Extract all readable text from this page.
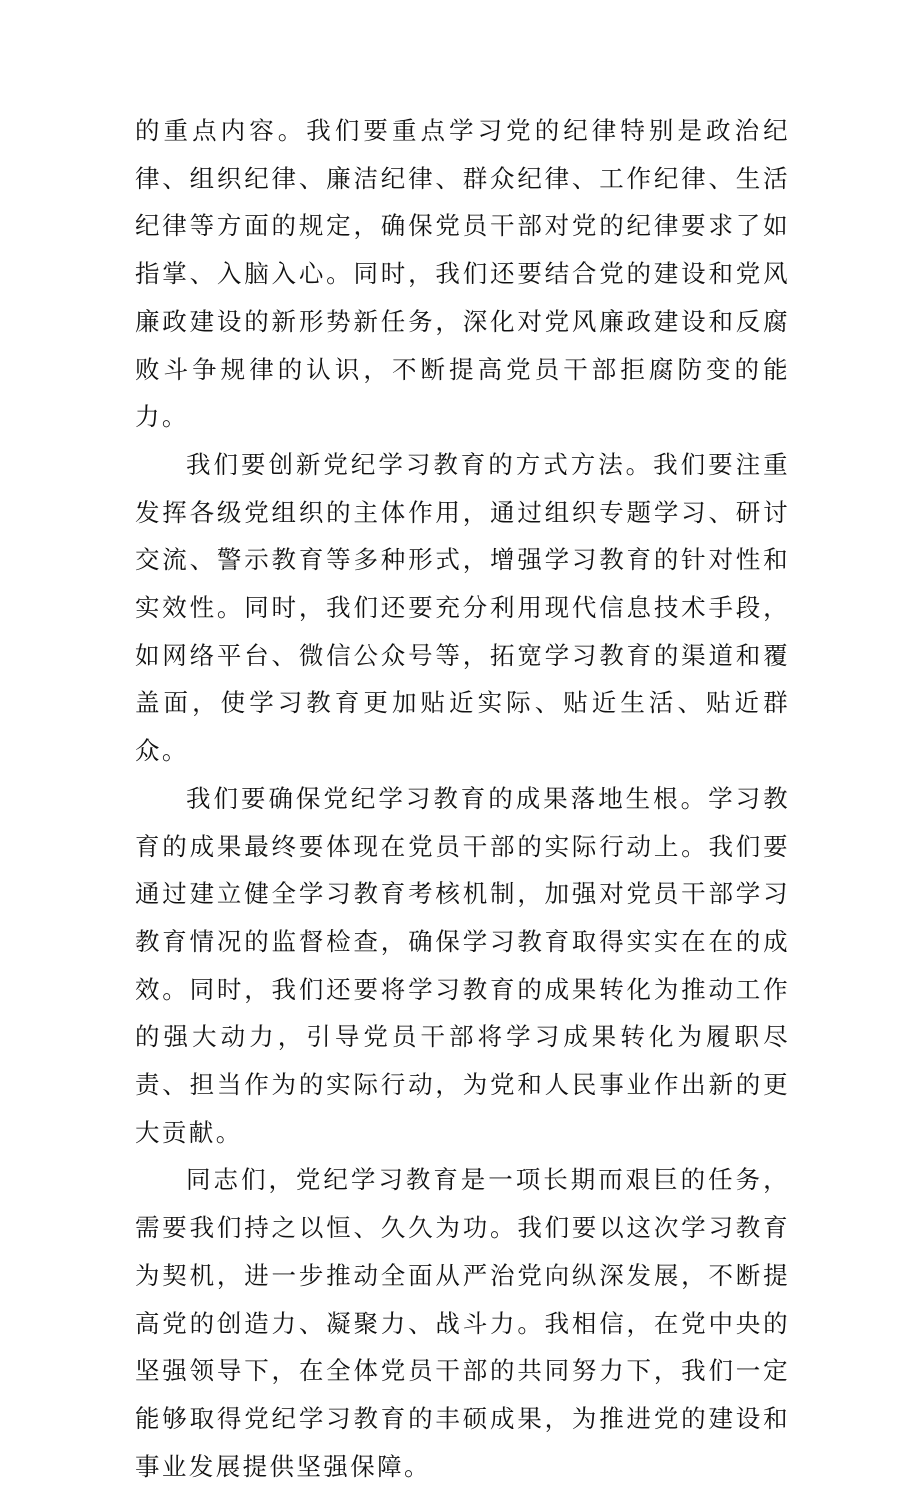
的重点内容。我们要重点学习党的纪律特别是政治纪律、组织纪律、廉洁纪律、群众纪律、工作纪律、生活纪律等方面的规定，确保党员干部对党的纪律要求了如指掌、入脑入心。同时，我们还要结合党的建设和党风廉政建设的新形势新任务，深化对党风廉政建设和反腐败斗争规律的认识，不断提高党员干部拒腐防变的能力。

我们要创新党纪学习教育的方式方法。我们要注重发挥各级党组织的主体作用，通过组织专题学习、研讨交流、警示教育等多种形式，增强学习教育的针对性和实效性。同时，我们还要充分利用现代信息技术手段，如网络平台、微信公众号等，拓宽学习教育的渠道和覆盖面，使学习教育更加贴近实际、贴近生活、贴近群众。

我们要确保党纪学习教育的成果落地生根。学习教育的成果最终要体现在党员干部的实际行动上。我们要通过建立健全学习教育考核机制，加强对党员干部学习教育情况的监督检查，确保学习教育取得实实在在的成效。同时，我们还要将学习教育的成果转化为推动工作的强大动力，引导党员干部将学习成果转化为履职尽责、担当作为的实际行动，为党和人民事业作出新的更大贡献。

同志们，党纪学习教育是一项长期而艰巨的任务，需要我们持之以恒、久久为功。我们要以这次学习教育为契机，进一步推动全面从严治党向纵深发展，不断提高党的创造力、凝聚力、战斗力。我相信，在党中央的坚强领导下，在全体党员干部的共同努力下，我们一定能够取得党纪学习教育的丰硕成果，为推进党的建设和事业发展提供坚强保障。
